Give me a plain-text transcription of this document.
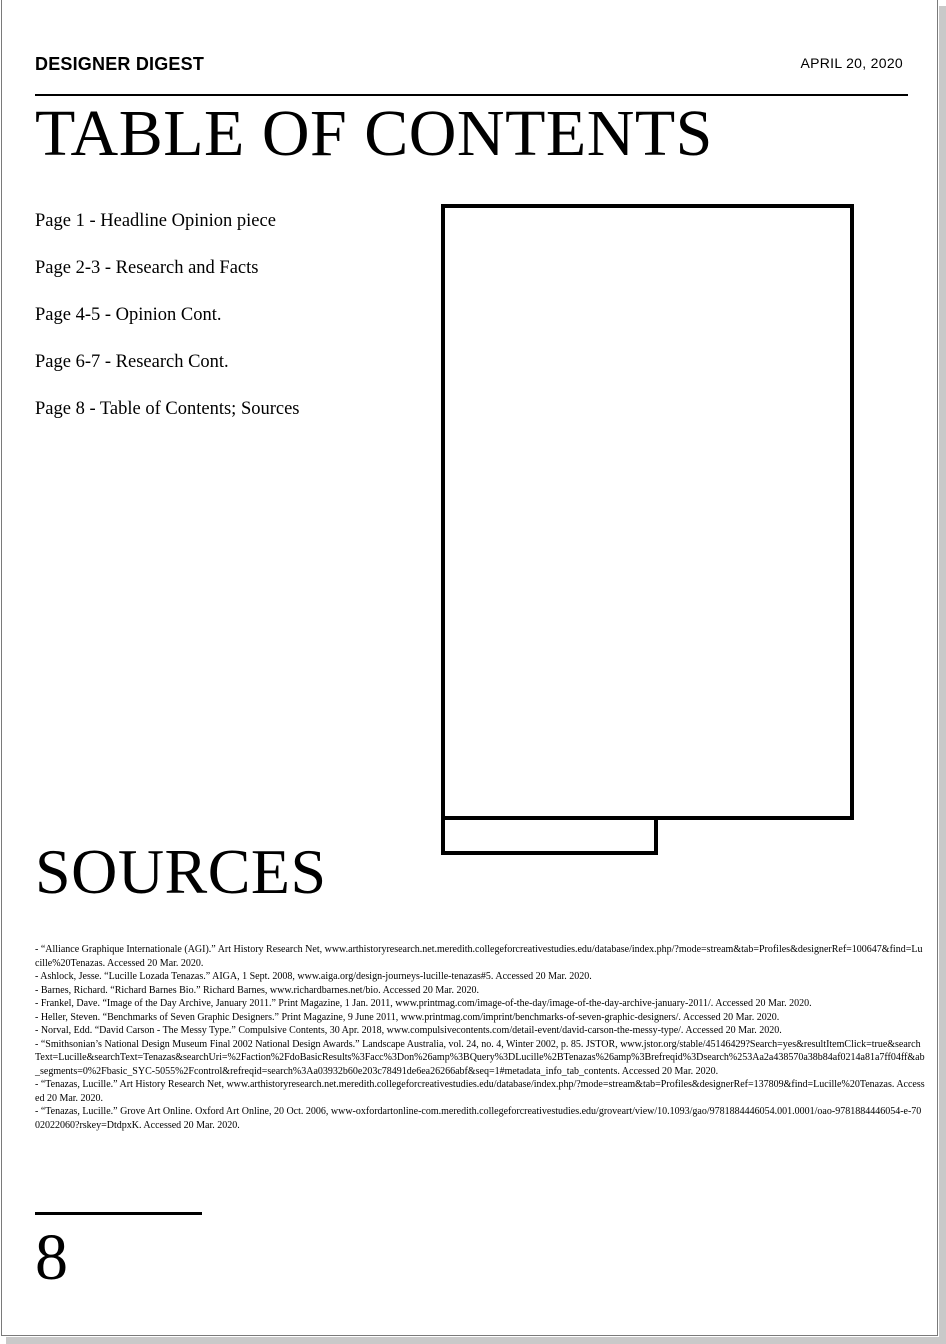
DESIGNER DIGEST	APRIL 20, 2020
TABLE OF CONTENTS
Page 1 - Headline Opinion piece
Page 2-3 - Research and Facts
Page 4-5 - Opinion Cont.
Page 6-7 - Research Cont.
Page 8 - Table of Contents; Sources
SOURCES
- “Alliance Graphique Internationale (AGI).” Art History Research Net, www.arthistoryresearch.net.meredith.collegeforcreativestudies.edu/database/index.php/?mode=stream&tab=Profiles&designerRef=100647&find=Lucille%20Tenazas. Accessed 20 Mar. 2020.
- Ashlock, Jesse. “Lucille Lozada Tenazas.” AIGA, 1 Sept. 2008, www.aiga.org/design-journeys-lucille-tenazas#5. Accessed 20 Mar. 2020.
- Barnes, Richard. “Richard Barnes Bio.” Richard Barnes, www.richardbarnes.net/bio. Accessed 20 Mar. 2020.
- Frankel, Dave. “Image of the Day Archive, January 2011.” Print Magazine, 1 Jan. 2011, www.printmag.com/image-of-the-day/image-of-the-day-archive-january-2011/. Accessed 20 Mar. 2020.
- Heller, Steven. “Benchmarks of Seven Graphic Designers.” Print Magazine, 9 June 2011, www.printmag.com/imprint/benchmarks-of-seven-graphic-designers/. Accessed 20 Mar. 2020.
- Norval, Edd. “David Carson - The Messy Type.” Compulsive Contents, 30 Apr. 2018, www.compulsivecontents.com/detail-event/david-carson-the-messy-type/. Accessed 20 Mar. 2020.
- “Smithsonian’s National Design Museum Final 2002 National Design Awards.” Landscape Australia, vol. 24, no. 4, Winter 2002, p. 85. JSTOR, www.jstor.org/stable/45146429?Search=yes&resultItemClick=true&searchText=Lucille&searchText=Tenazas&searchUri=%2Faction%2FdoBasicResults%3Facc%3Don%26amp%3BQuery%3DLucille%2BTenazas%26amp%3Brefreqid%3Dsearch%253Aa2a438570a38b84af0214a81a7ff04ff&ab_segments=0%2Fbasic_SYC-5055%2Fcontrol&refreqid=search%3Aa03932b60e203c78491de6ea26266abf&seq=1#metadata_info_tab_contents. Accessed 20 Mar. 2020.
- “Tenazas, Lucille.” Art History Research Net, www.arthistoryresearch.net.meredith.collegeforcreativestudies.edu/database/index.php/?mode=stream&tab=Profiles&designerRef=137809&find=Lucille%20Tenazas. Accessed 20 Mar. 2020.
- “Tenazas, Lucille.” Grove Art Online. Oxford Art Online, 20 Oct. 2006, www-oxfordartonline-com.meredith.collegeforcreativestudies.edu/groveart/view/10.1093/gao/9781884446054.001.0001/oao-9781884446054-e-7002022060?rskey=DtdpxK. Accessed 20 Mar. 2020.
8
